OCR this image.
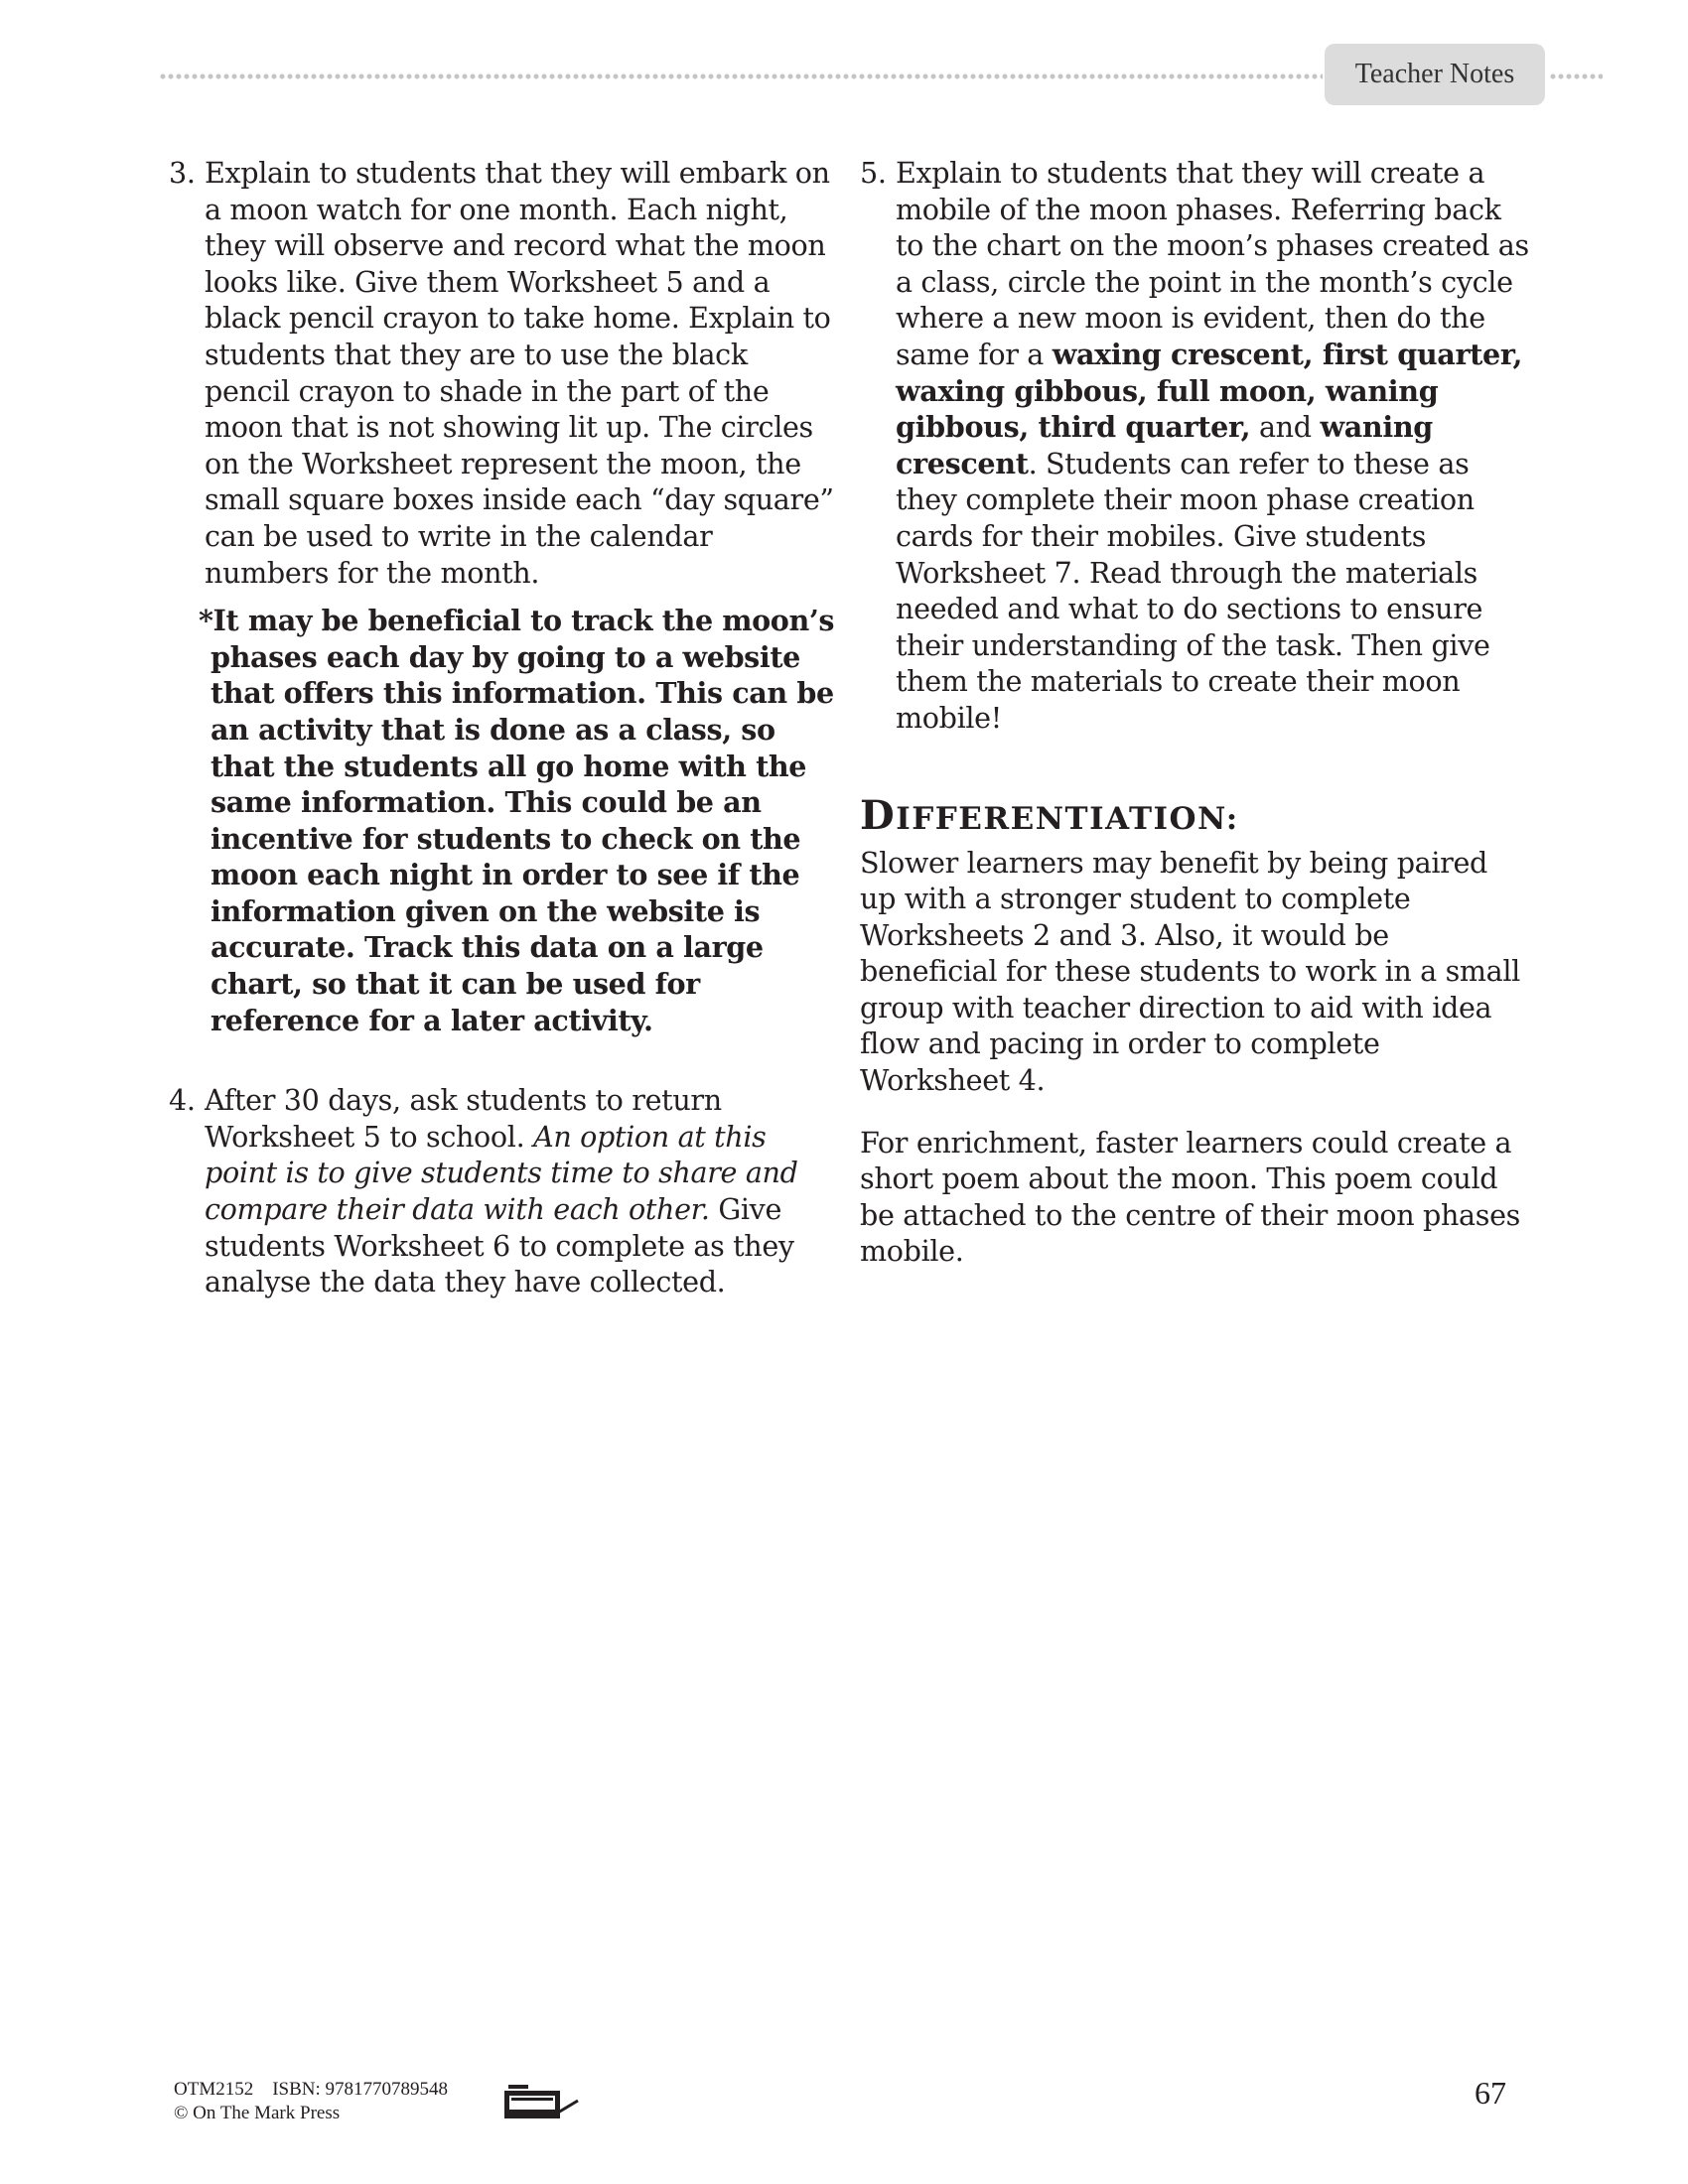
Teacher Notes
3. Explain to students that they will embark on a moon watch for one month. Each night, they will observe and record what the moon looks like. Give them Worksheet 5 and a black pencil crayon to take home. Explain to students that they are to use the black pencil crayon to shade in the part of the moon that is not showing lit up. The circles on the Worksheet represent the moon, the small square boxes inside each “day square” can be used to write in the calendar numbers for the month.

*It may be beneficial to track the moon’s
phases each day by going to a website that offers this information. This can be an activity that is done as a class, so that the students all go home with the same information. This could be an incentive for students to check on the moon each night in order to see if the information given on the website is accurate. Track this data on a large chart, so that it can be used for reference for a later activity.
4. After 30 days, ask students to return Worksheet 5 to school. An option at this point is to give students time to share and compare their data with each other. Give students Worksheet 6 to complete as they analyse the data they have collected.

5. Explain to students that they will create a mobile of the moon phases. Referring back to the chart on the moon’s phases created as a class, circle the point in the month’s cycle where a new moon is evident, then do the same for a waxing crescent, first quarter, waxing gibbous, full moon, waning gibbous, third quarter, and waning crescent. Students can refer to these as they complete their moon phase creation cards for their mobiles. Give students Worksheet 7. Read through the materials needed and what to do sections to ensure their understanding of the task. Then give them the materials to create their moon mobile!

DIFFERENTIATION:

Slower learners may benefit by being paired up with a stronger student to complete Worksheets 2 and 3. Also, it would be beneficial for these students to work in a small group with teacher direction to aid with idea flow and pacing in order to complete Worksheet 4.

For enrichment, faster learners could create a short poem about the moon. This poem could be attached to the centre of their moon phases mobile.

OTM2152    ISBN: 9781770789548
© On The Mark Press
67
